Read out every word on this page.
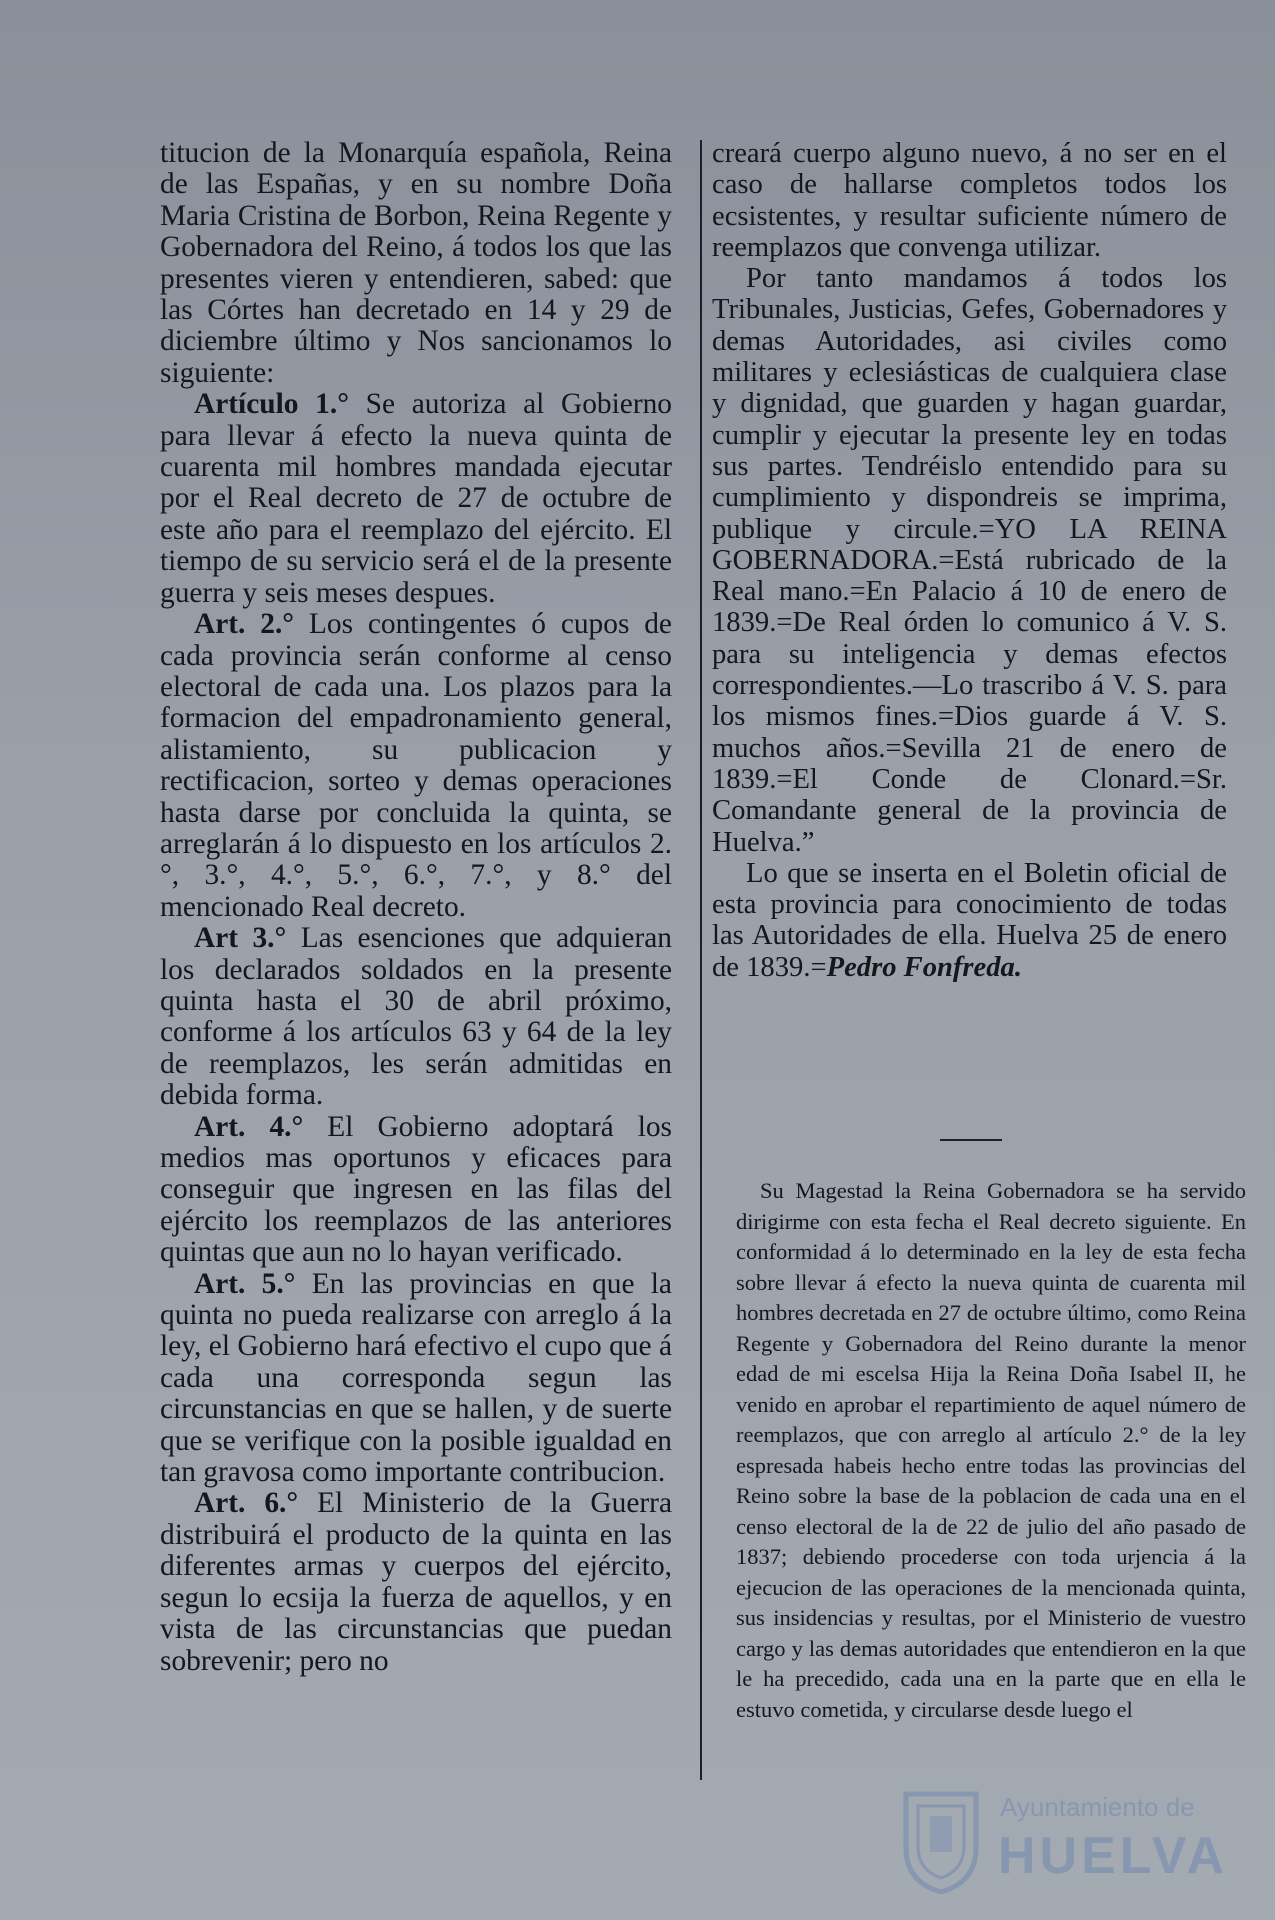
titucion de la Monarquía española, Reina de las Españas, y en su nombre Doña Maria Cristina de Borbon, Reina Regente y Gobernadora del Reino, á todos los que las presentes vieren y entendieren, sabed: que las Córtes han decretado en 14 y 29 de diciembre último y Nos sancionamos lo siguiente:

Artículo 1.° Se autoriza al Gobierno para llevar á efecto la nueva quinta de cuarenta mil hombres mandada ejecutar por el Real decreto de 27 de octubre de este año para el reemplazo del ejército. El tiempo de su servicio será el de la presente guerra y seis meses despues.

Art. 2.° Los contingentes ó cupos de cada provincia serán conforme al censo electoral de cada una. Los plazos para la formacion del empadronamiento general, alistamiento, su publicacion y rectificacion, sorteo y demas operaciones hasta darse por concluida la quinta, se arreglarán á lo dispuesto en los artículos 2.°, 3.°, 4.°, 5.°, 6.°, 7.°, y 8.° del mencionado Real decreto.

Art 3.° Las esenciones que adquieran los declarados soldados en la presente quinta hasta el 30 de abril próximo, conforme á los artículos 63 y 64 de la ley de reemplazos, les serán admitidas en debida forma.

Art. 4.° El Gobierno adoptará los medios mas oportunos y eficaces para conseguir que ingresen en las filas del ejército los reemplazos de las anteriores quintas que aun no lo hayan verificado.

Art. 5.° En las provincias en que la quinta no pueda realizarse con arreglo á la ley, el Gobierno hará efectivo el cupo que á cada una corresponda segun las circunstancias en que se hallen, y de suerte que se verifique con la posible igualdad en tan gravosa como importante contribucion.

Art. 6.° El Ministerio de la Guerra distribuirá el producto de la quinta en las diferentes armas y cuerpos del ejército, segun lo ecsija la fuerza de aquellos, y en vista de las circunstancias que puedan sobrevenir; pero no

creará cuerpo alguno nuevo, á no ser en el caso de hallarse completos todos los ecsistentes, y resultar suficiente número de reemplazos que convenga utilizar.

Por tanto mandamos á todos los Tribunales, Justicias, Gefes, Gobernadores y demas Autoridades, asi civiles como militares y eclesiásticas de cualquiera clase y dignidad, que guarden y hagan guardar, cumplir y ejecutar la presente ley en todas sus partes. Tendréislo entendido para su cumplimiento y dispondreis se imprima, publique y circule.=YO LA REINA GOBERNADORA.=Está rubricado de la Real mano.=En Palacio á 10 de enero de 1839.=De Real órden lo comunico á V. S. para su inteligencia y demas efectos correspondientes.—Lo trascribo á V. S. para los mismos fines.=Dios guarde á V. S. muchos años.=Sevilla 21 de enero de 1839.=El Conde de Clonard.=Sr. Comandante general de la provincia de Huelva.”

Lo que se inserta en el Boletin oficial de esta provincia para conocimiento de todas las Autoridades de ella. Huelva 25 de enero de 1839.=Pedro Fonfreda.

Su Magestad la Reina Gobernadora se ha servido dirigirme con esta fecha el Real decreto siguiente. En conformidad á lo determinado en la ley de esta fecha sobre llevar á efecto la nueva quinta de cuarenta mil hombres decretada en 27 de octubre último, como Reina Regente y Gobernadora del Reino durante la menor edad de mi escelsa Hija la Reina Doña Isabel II, he venido en aprobar el repartimiento de aquel número de reemplazos, que con arreglo al artículo 2.° de la ley espresada habeis hecho entre todas las provincias del Reino sobre la base de la poblacion de cada una en el censo electoral de la de 22 de julio del año pasado de 1837; debiendo procederse con toda urjencia á la ejecucion de las operaciones de la mencionada quinta, sus insidencias y resultas, por el Ministerio de vuestro cargo y las demas autoridades que entendieron en la que le ha precedido, cada una en la parte que en ella le estuvo cometida, y circularse desde luego el

Ayuntamiento de
HUELVA
